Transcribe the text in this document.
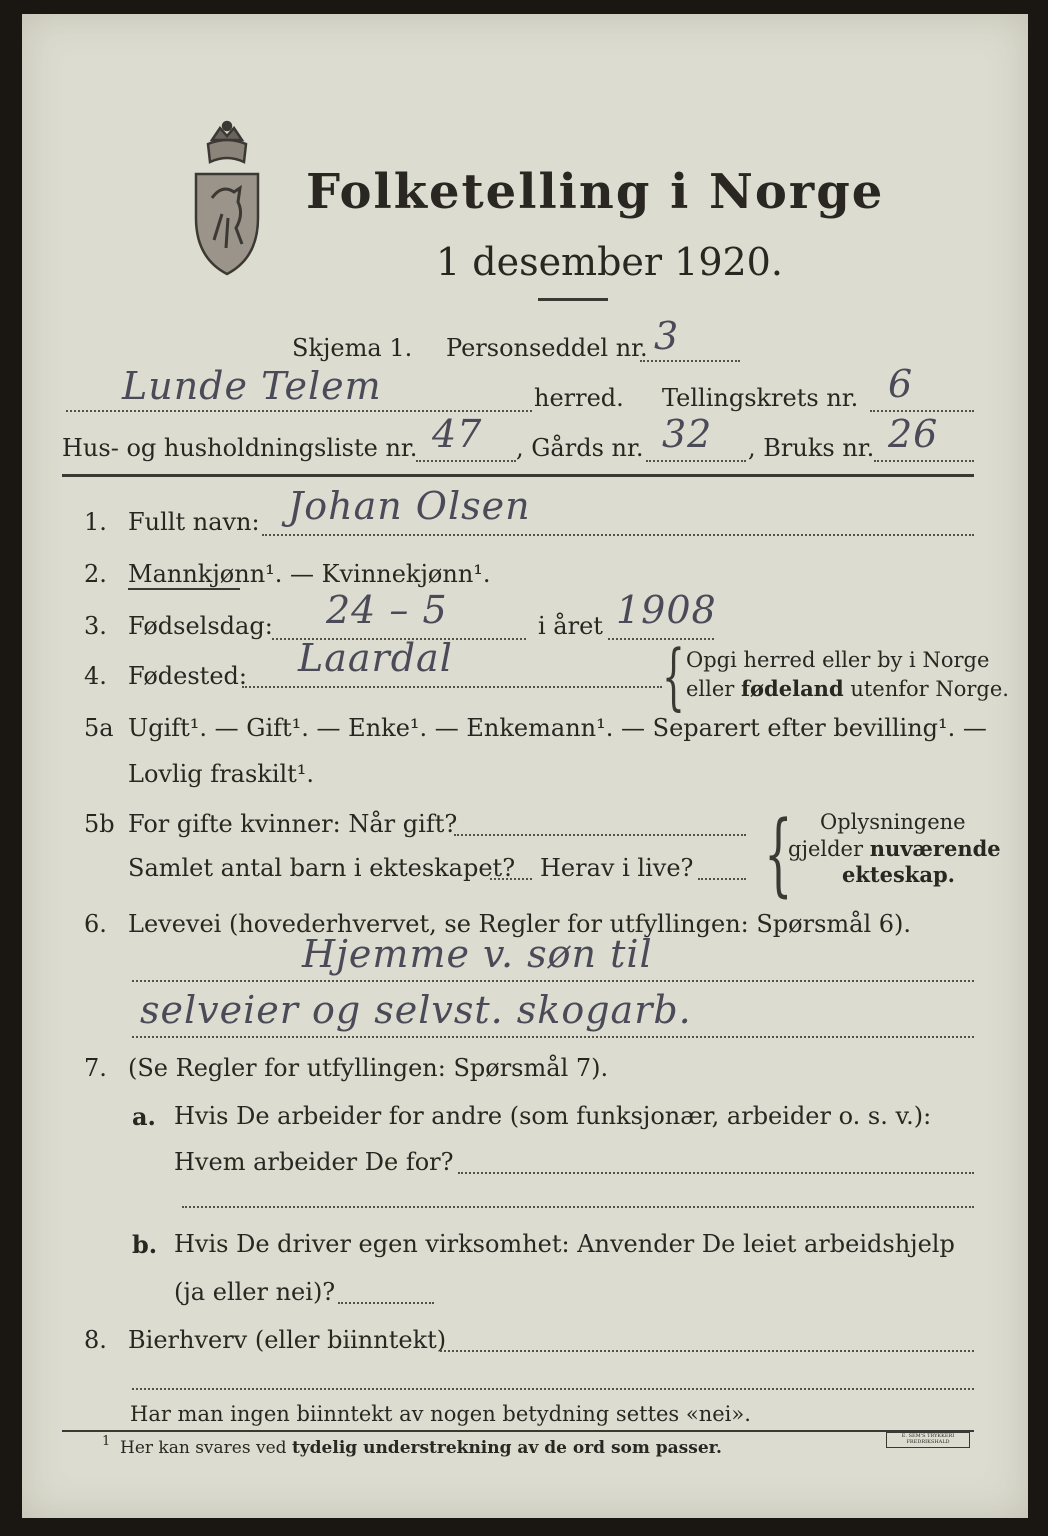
Folketelling i Norge
1 desember 1920.
Skjema 1. Personseddel nr. 3
Lunde Telem	herred. Tellingskrets nr. 6
Hus- og husholdningsliste nr. 47 , Gårds nr. 32 , Bruks nr. 26
1. Fullt navn: Johan Olsen
2. Mannkjønn¹. — Kvinnekjønn¹.
3. Fødselsdag: 24 – 5	i året 1908
4. Fødested: Laardal	{ Opgi herred eller by i Norge
eller fødeland utenfor Norge.
5a Ugift¹. — Gift¹. — Enke¹. — Enkemann¹. — Separert efter bevilling¹. —
Lovlig fraskilt¹.
5b For gifte kvinner: Når gift?
Samlet antal barn i ekteskapet? Herav i live? { Oplysningene
gjelder nuværende
ekteskap.
6. Levevei (hovederhvervet, se Regler for utfyllingen: Spørsmål 6).
Hjemme v. søn til
selveier og selvst. skogarb.
7. (Se Regler for utfyllingen: Spørsmål 7).
a. Hvis De arbeider for andre (som funksjonær, arbeider o. s. v.):
Hvem arbeider De for?
b. Hvis De driver egen virksomhet: Anvender De leiet arbeidshjelp
(ja eller nei)?
8. Bierhverv (eller biinntekt)
Har man ingen biinntekt av nogen betydning settes «nei».
1 Her kan svares ved tydelig understrekning av de ord som passer.
E. SEM'S TRYKKERI FREDRIKSHALD
